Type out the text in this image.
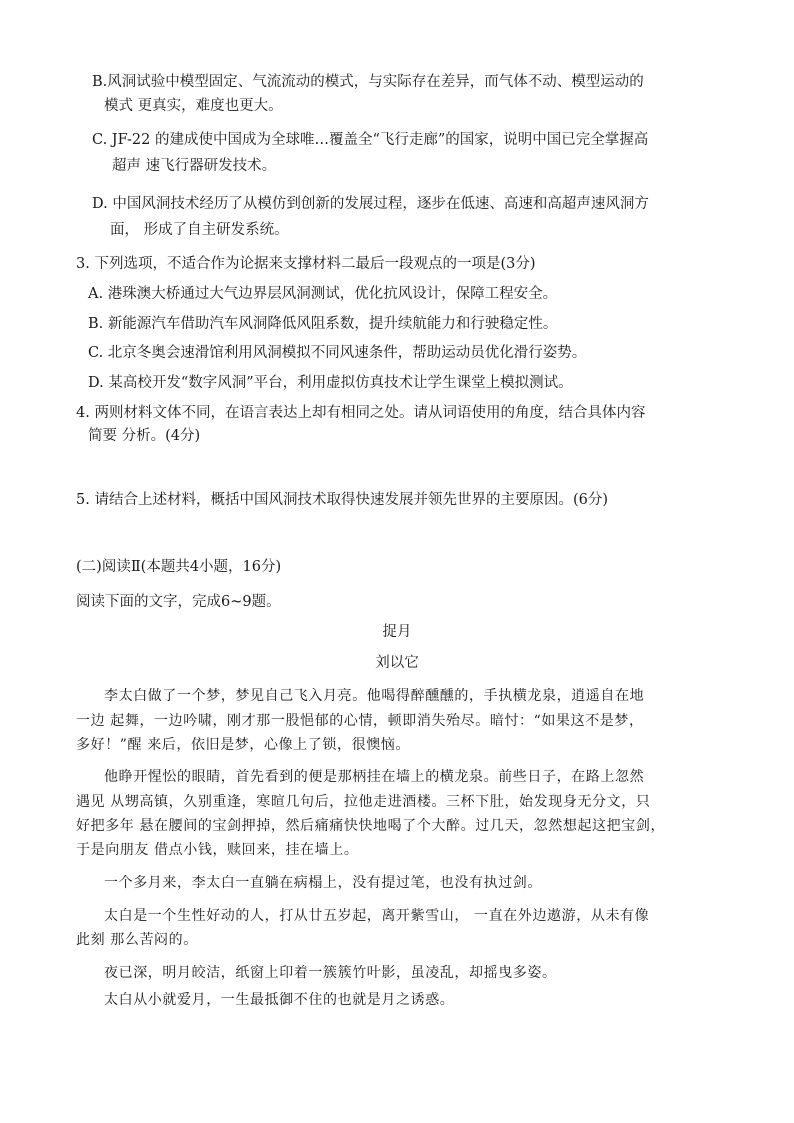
B.风洞试验中模型固定、气流流动的模式，与实际存在差异，而气体不动、模型运动的
模式 更真实，难度也更大。
C. JF-22 的建成使中国成为全球唯…覆盖全“飞行走廊”的国家，说明中国已完全掌握高
超声 速飞行器研发技术。
D. 中国风洞技术经历了从模仿到创新的发展过程，逐步在低速、高速和高超声速风洞方
面， 形成了自主研发系统。
3. 下列选项，不适合作为论据来支撑材料二最后一段观点的一项是(3分)
A. 港珠澳大桥通过大气边界层风洞测试，优化抗风设计，保障工程安全。
B. 新能源汽车借助汽车风洞降低风阻系数，提升续航能力和行驶稳定性。
C. 北京冬奥会速滑馆利用风洞模拟不同风速条件，帮助运动员优化滑行姿势。
D. 某高校开发“数字风洞”平台，利用虚拟仿真技术让学生课堂上模拟测试。
4. 两则材料文体不同，在语言表达上却有相同之处。请从词语使用的角度，结合具体内容
简要 分析。(4分)
5. 请结合上述材料，概括中国风洞技术取得快速发展并领先世界的主要原因。(6分)
(二)阅读Ⅱ(本题共4小题，16分)
阅读下面的文字，完成6~9题。
捉月
刘以它
李太白做了一个梦，梦见自己飞入月亮。他喝得醉醺醺的，手执横龙泉，逍遥自在地
一边 起舞，一边吟啸，刚才那一股悒郁的心情，顿即消失殆尽。暗忖：“如果这不是梦，
多好！”醒 来后，依旧是梦，心像上了锁，很懊恼。
他睁开惺忪的眼睛，首先看到的便是那柄挂在墙上的横龙泉。前些日子，在路上忽然
遇见 从甥高镇，久别重逢，寒暄几句后，拉他走进酒楼。三杯下肚，始发现身无分文，只
好把多年 悬在腰间的宝剑押掉，然后痛痛快快地喝了个大醉。过几天，忽然想起这把宝剑，
于是向朋友 借点小钱，赎回来，挂在墙上。
一个多月来，李太白一直躺在病榻上，没有提过笔，也没有执过剑。
太白是一个生性好动的人，打从廿五岁起，离开紫雪山， 一直在外边遨游，从未有像
此刻 那么苦闷的。
夜已深，明月皎洁，纸窗上印着一簇簇竹叶影，虽凌乱，却摇曳多姿。
太白从小就爱月，一生最抵御不住的也就是月之诱惑。
